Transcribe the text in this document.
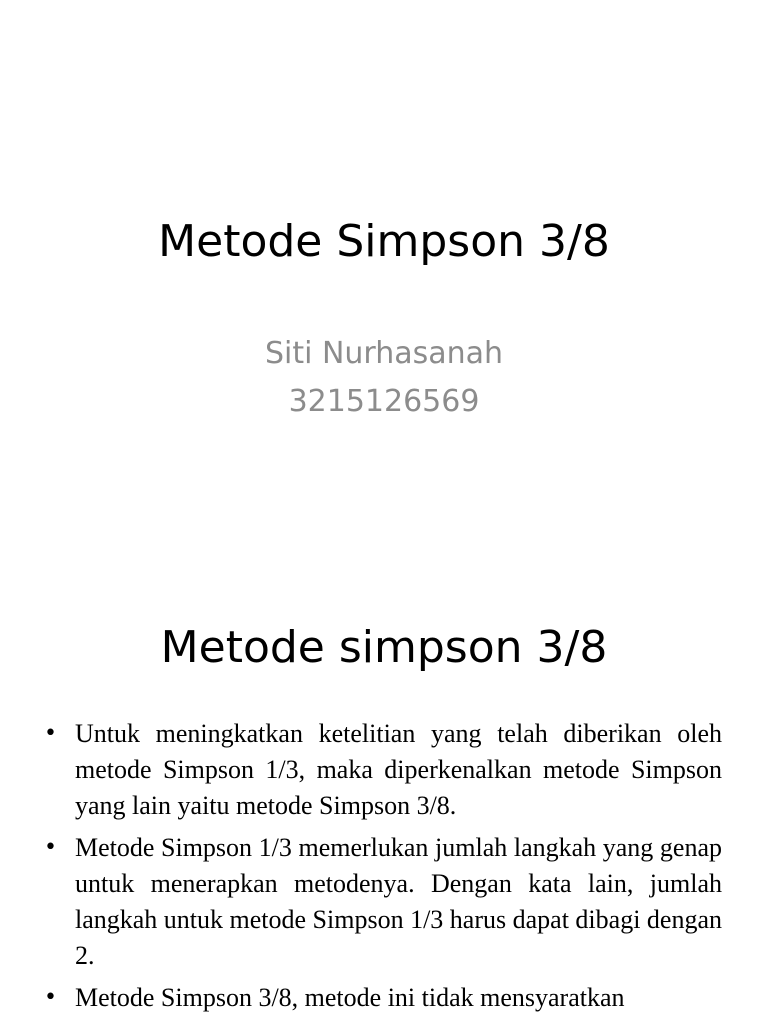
Metode Simpson 3/8
Siti Nurhasanah
3215126569
Metode simpson 3/8
• Untuk meningkatkan ketelitian yang telah diberikan oleh metode Simpson 1/3, maka diperkenalkan metode Simpson yang lain yaitu metode Simpson 3/8.
• Metode Simpson 1/3 memerlukan jumlah langkah yang genap untuk menerapkan metodenya. Dengan kata lain, jumlah langkah untuk metode Simpson 1/3 harus dapat dibagi dengan 2.
• Metode Simpson 3/8, metode ini tidak mensyaratkan
